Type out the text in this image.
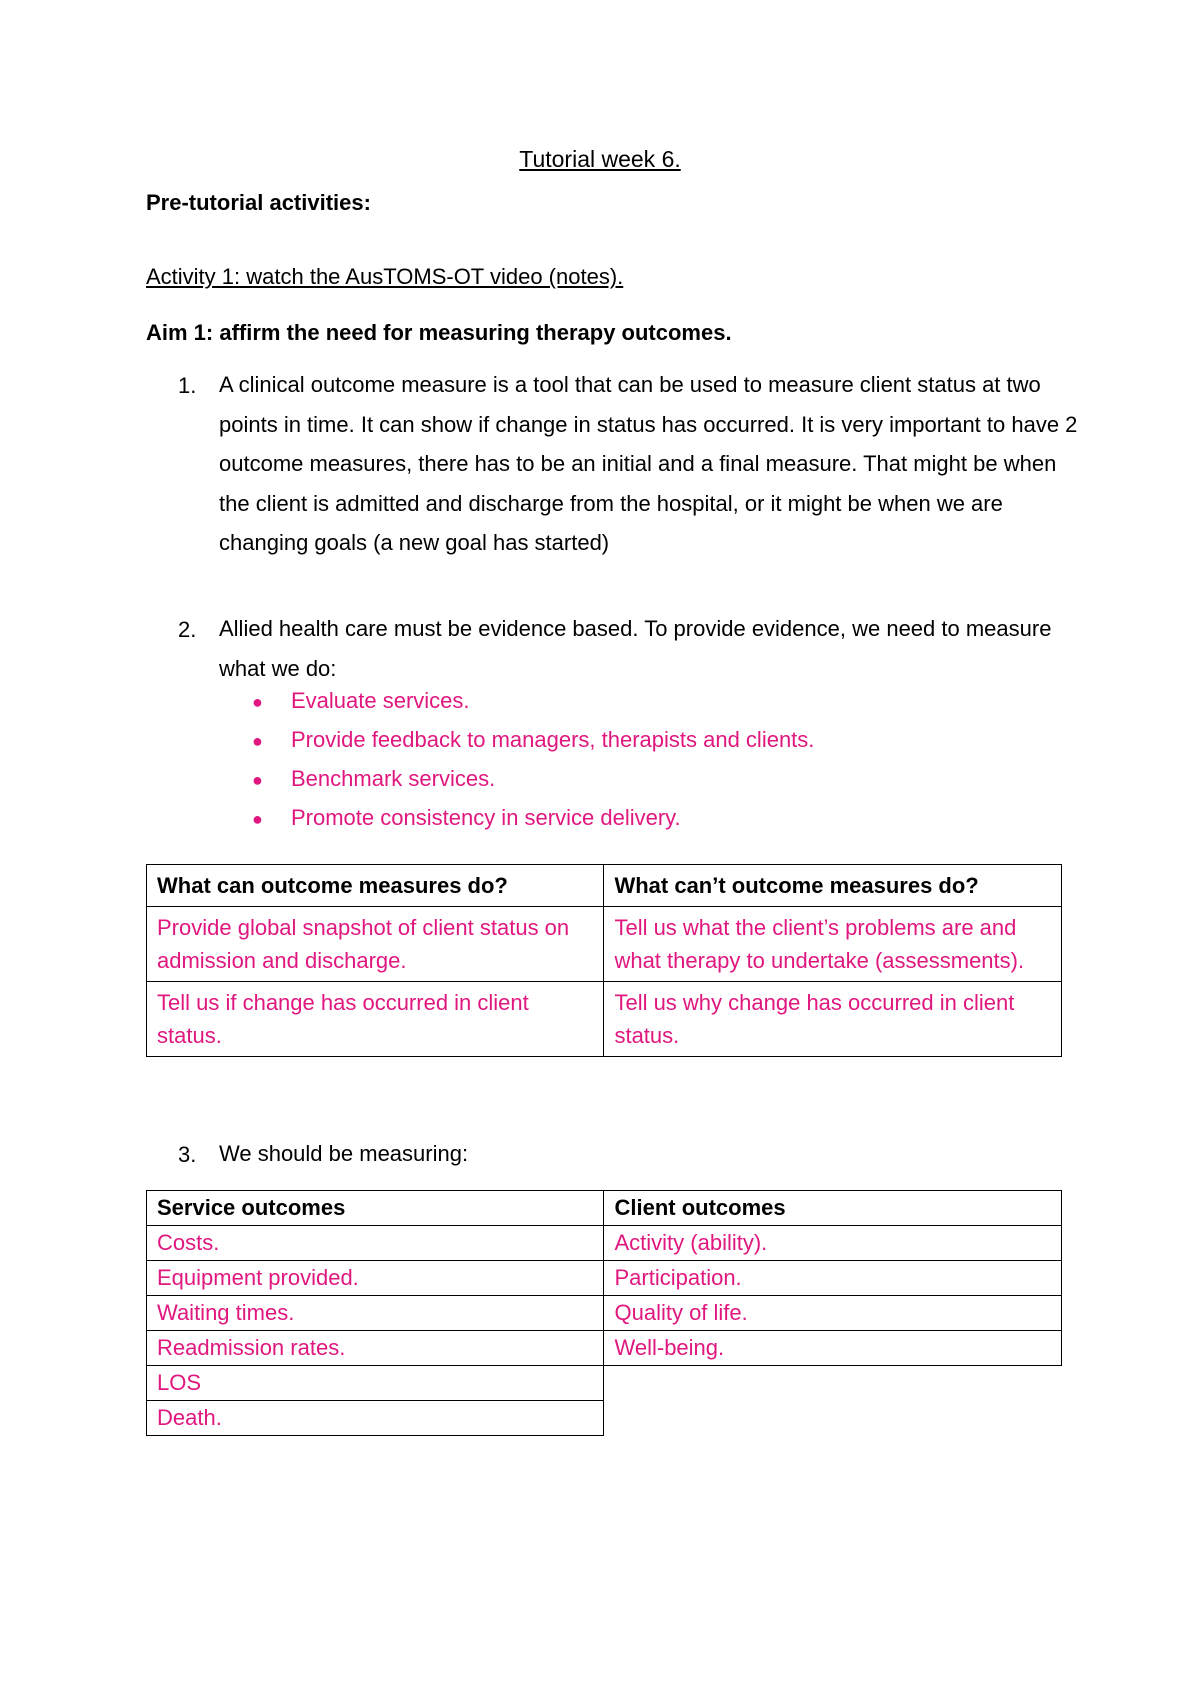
Tutorial week 6.
Pre-tutorial activities:
Activity 1: watch the AusTOMS-OT video (notes).
Aim 1: affirm the need for measuring therapy outcomes.
1. A clinical outcome measure is a tool that can be used to measure client status at two points in time. It can show if change in status has occurred. It is very important to have 2 outcome measures, there has to be an initial and a final measure. That might be when the client is admitted and discharge from the hospital, or it might be when we are changing goals (a new goal has started)
2. Allied health care must be evidence based. To provide evidence, we need to measure what we do:
● Evaluate services.
● Provide feedback to managers, therapists and clients.
● Benchmark services.
● Promote consistency in service delivery.
What can outcome measures do?	What can’t outcome measures do?
Provide global snapshot of client status on admission and discharge.	Tell us what the client’s problems are and what therapy to undertake (assessments).
Tell us if change has occurred in client status.	Tell us why change has occurred in client status.
3. We should be measuring:
Service outcomes	Client outcomes
Costs.	Activity (ability).
Equipment provided.	Participation.
Waiting times.	Quality of life.
Readmission rates.	Well-being.
LOS	
Death.	
